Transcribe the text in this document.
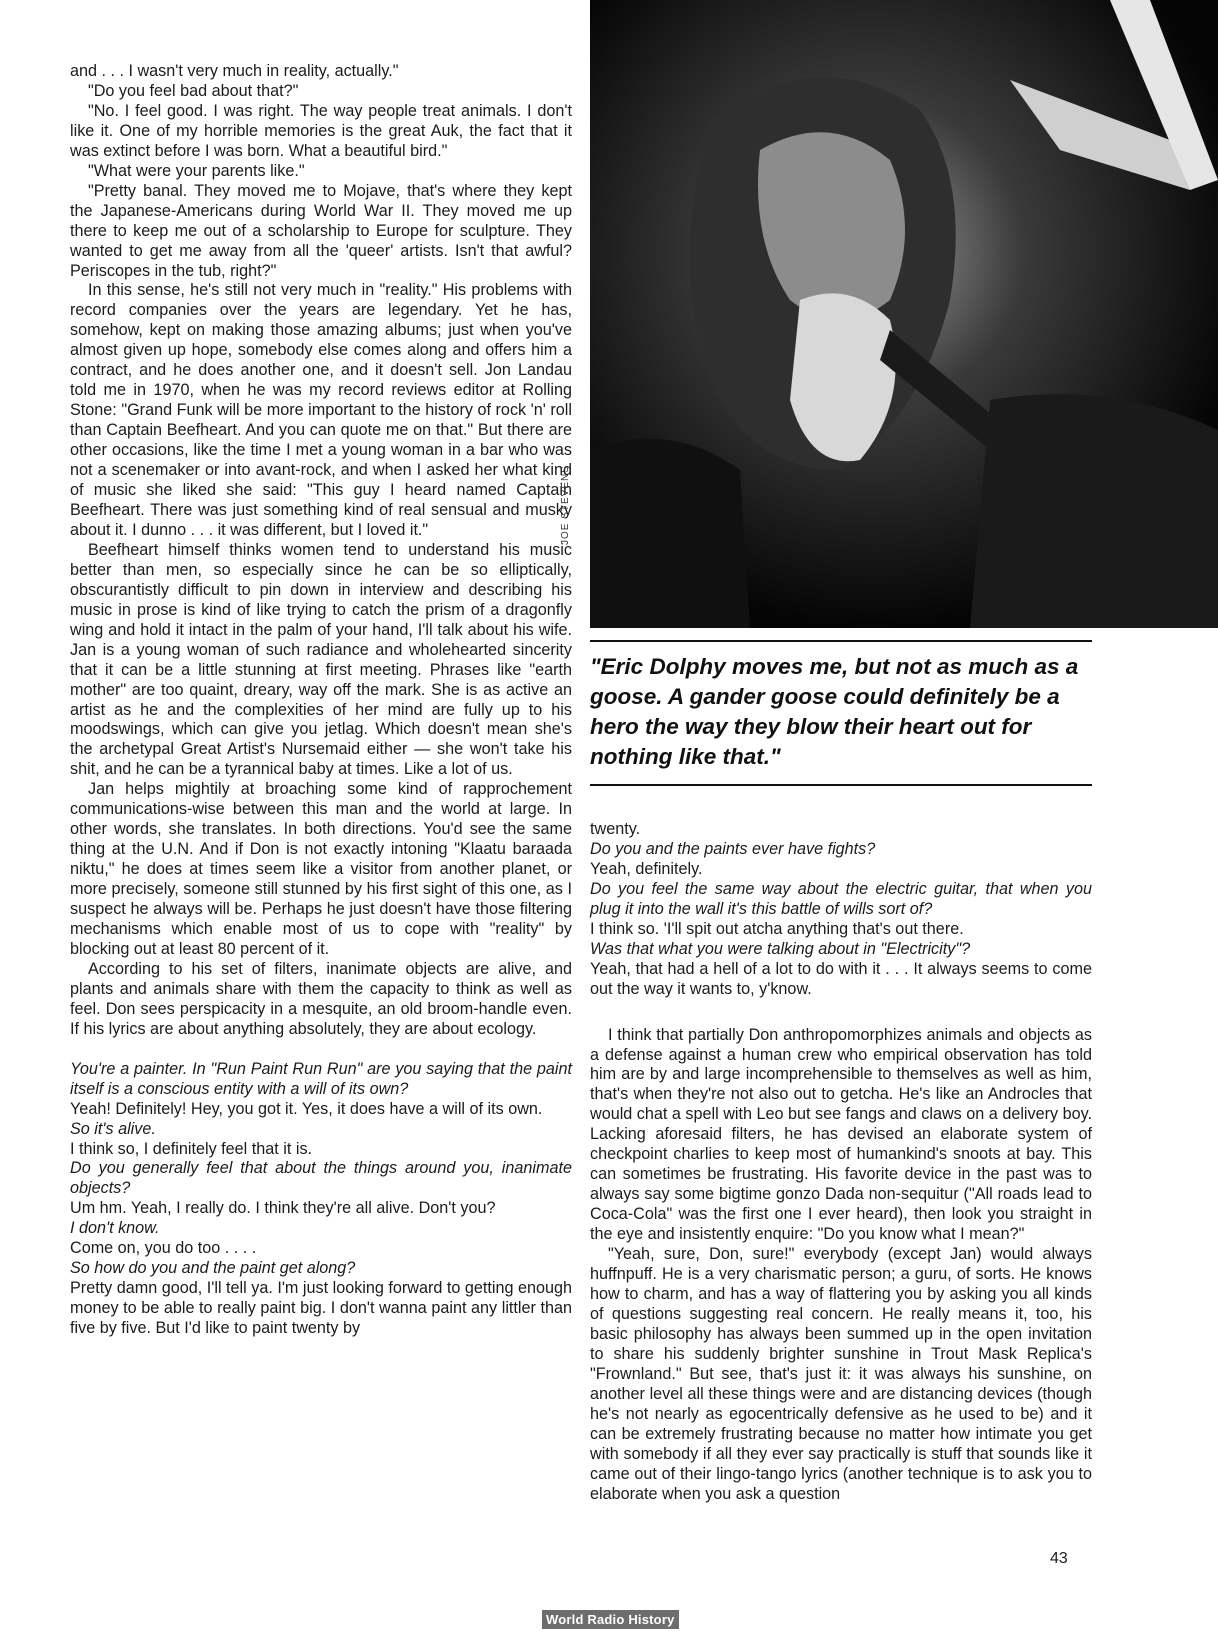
and . . . I wasn't very much in reality, actually."

"Do you feel bad about that?"

"No. I feel good. I was right. The way people treat animals. I don't like it. One of my horrible memories is the great Auk, the fact that it was extinct before I was born. What a beautiful bird."

"What were your parents like."

"Pretty banal. They moved me to Mojave, that's where they kept the Japanese-Americans during World War II. They moved me up there to keep me out of a scholarship to Europe for sculpture. They wanted to get me away from all the 'queer' artists. Isn't that awful? Periscopes in the tub, right?"

In this sense, he's still not very much in "reality." His problems with record companies over the years are legendary. Yet he has, somehow, kept on making those amazing albums; just when you've almost given up hope, somebody else comes along and offers him a contract, and he does another one, and it doesn't sell. Jon Landau told me in 1970, when he was my record reviews editor at Rolling Stone: "Grand Funk will be more important to the history of rock 'n' roll than Captain Beefheart. And you can quote me on that." But there are other occasions, like the time I met a young woman in a bar who was not a scenemaker or into avant-rock, and when I asked her what kind of music she liked she said: "This guy I heard named Captain Beefheart. There was just something kind of real sensual and musky about it. I dunno . . . it was different, but I loved it."

Beefheart himself thinks women tend to understand his music better than men, so especially since he can be so elliptically, obscurantistly difficult to pin down in interview and describing his music in prose is kind of like trying to catch the prism of a dragonfly wing and hold it intact in the palm of your hand, I'll talk about his wife. Jan is a young woman of such radiance and wholehearted sincerity that it can be a little stunning at first meeting. Phrases like "earth mother" are too quaint, dreary, way off the mark. She is as active an artist as he and the complexities of her mind are fully up to his moodswings, which can give you jetlag. Which doesn't mean she's the archetypal Great Artist's Nursemaid either — she won't take his shit, and he can be a tyrannical baby at times. Like a lot of us.

Jan helps mightily at broaching some kind of rapprochement communications-wise between this man and the world at large. In other words, she translates. In both directions. You'd see the same thing at the U.N. And if Don is not exactly intoning "Klaatu baraada niktu," he does at times seem like a visitor from another planet, or more precisely, someone still stunned by his first sight of this one, as I suspect he always will be. Perhaps he just doesn't have those filtering mechanisms which enable most of us to cope with "reality" by blocking out at least 80 percent of it.

According to his set of filters, inanimate objects are alive, and plants and animals share with them the capacity to think as well as feel. Don sees perspicacity in a mesquite, an old broom-handle even. If his lyrics are about anything absolutely, they are about ecology.

You're a painter. In "Run Paint Run Run" are you saying that the paint itself is a conscious entity with a will of its own?

Yeah! Definitely! Hey, you got it. Yes, it does have a will of its own.

So it's alive.

I think so, I definitely feel that it is.

Do you generally feel that about the things around you, inanimate objects?

Um hm. Yeah, I really do. I think they're all alive. Don't you?

I don't know.

Come on, you do too . . . .

So how do you and the paint get along?

Pretty damn good, I'll tell ya. I'm just looking forward to getting enough money to be able to really paint big. I don't wanna paint any littler than five by five. But I'd like to paint twenty by

JOE STEVENS
"Eric Dolphy moves me, but not as much as a goose. A gander goose could definitely be a hero the way they blow their heart out for nothing like that."

twenty.

Do you and the paints ever have fights?

Yeah, definitely.

Do you feel the same way about the electric guitar, that when you plug it into the wall it's this battle of wills sort of?

I think so. 'I'll spit out atcha anything that's out there.

Was that what you were talking about in "Electricity"?

Yeah, that had a hell of a lot to do with it . . . It always seems to come out the way it wants to, y'know.

I think that partially Don anthropomorphizes animals and objects as a defense against a human crew who empirical observation has told him are by and large incomprehensible to themselves as well as him, that's when they're not also out to getcha. He's like an Androcles that would chat a spell with Leo but see fangs and claws on a delivery boy. Lacking aforesaid filters, he has devised an elaborate system of checkpoint charlies to keep most of humankind's snoots at bay. This can sometimes be frustrating. His favorite device in the past was to always say some bigtime gonzo Dada non-sequitur ("All roads lead to Coca-Cola" was the first one I ever heard), then look you straight in the eye and insistently enquire: "Do you know what I mean?"

"Yeah, sure, Don, sure!" everybody (except Jan) would always huffnpuff. He is a very charismatic person; a guru, of sorts. He knows how to charm, and has a way of flattering you by asking you all kinds of questions suggesting real concern. He really means it, too, his basic philosophy has always been summed up in the open invitation to share his suddenly brighter sunshine in Trout Mask Replica's "Frownland." But see, that's just it: it was always his sunshine, on another level all these things were and are distancing devices (though he's not nearly as egocentrically defensive as he used to be) and it can be extremely frustrating because no matter how intimate you get with somebody if all they ever say practically is stuff that sounds like it came out of their lingo-tango lyrics (another technique is to ask you to elaborate when you ask a question

43
World Radio History
